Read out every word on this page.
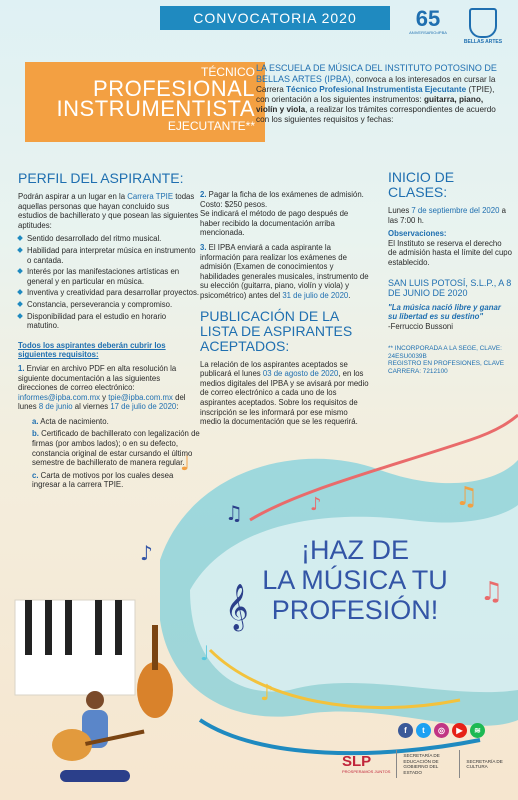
♫	♪	♫
♩
♪
♫
♪
♩
𝄞
CONVOCATORIA 2020	65
ANIVERSARIO•IPBA
BELLAS ARTES
TÉCNICO
PROFESIONAL
INSTRUMENTISTA
EJECUTANTE**
LA ESCUELA DE MÚSICA DEL INSTITUTO POTOSINO DE BELLAS ARTES (IPBA), convoca a los interesados en cursar la Carrera Técnico Profesional Instrumentista Ejecutante (TPIE), con orientación a los siguientes instrumentos: guitarra, piano, violín y viola, a realizar los trámites correspondientes de acuerdo con los siguientes requisitos y fechas:
PERFIL DEL ASPIRANTE:
Podrán aspirar a un lugar en la Carrera TPIE todas aquellas personas que hayan concluido sus estudios de bachillerato y que posean las siguientes aptitudes:
Sentido desarrollado del ritmo musical.
Habilidad para interpretar música en instrumento o cantada.
Interés por las manifestaciones artísticas en general y en particular en música.
Inventiva y creatividad para desarrollar proyectos.
Constancia, perseverancia y compromiso.
Disponibilidad para el estudio en horario matutino.
Todos los aspirantes deberán cubrir los siguientes requisitos:
1. Enviar en archivo PDF en alta resolución la siguiente documentación a las siguientes direcciones de correo electrónico: informes@ipba.com.mx y tpie@ipba.com.mx del lunes 8 de junio al viernes 17 de julio de 2020:
a. Acta de nacimiento.
b. Certificado de bachillerato con legalización de firmas (por ambos lados); o en su defecto, constancia original de estar cursando el último semestre de bachillerato de manera regular.
c. Carta de motivos por los cuales desea ingresar a la carrera TPIE.
2. Pagar la ficha de los exámenes de admisión. Costo: $250 pesos.
Se indicará el método de pago después de haber recibido la documentación arriba mencionada.
3. El IPBA enviará a cada aspirante la información para realizar los exámenes de admisión (Examen de conocimientos y habilidades generales musicales, instrumento de su elección (guitarra, piano, violín y viola) y psicométrico) antes del 31 de julio de 2020.
PUBLICACIÓN DE LA LISTA DE ASPIRANTES ACEPTADOS:
La relación de los aspirantes aceptados se publicará el lunes 03 de agosto de 2020, en los medios digitales del IPBA y se avisará por medio de correo electrónico a cada uno de los aspirantes aceptados. Sobre los requisitos de inscripción se les informará por ese mismo medio la documentación que se les requerirá.
INICIO DE CLASES:
Lunes 7 de septiembre del 2020 a las 7:00 h.
Observaciones:
El Instituto se reserva el derecho de admisión hasta el límite del cupo establecido.
SAN LUIS POTOSÍ, S.L.P., A 8 DE JUNIO DE 2020
"La música nació libre y ganar su libertad es su destino"
-Ferruccio Bussoni
** INCORPORADA A LA SEGE, CLAVE: 24ESU0039B
REGISTRO EN PROFESIONES, CLAVE
CARRERA: 7212100
¡HAZ DE
LA MÚSICA TU
PROFESIÓN!
f	t	◎	▶	≋
SLP
PROSPERAMOS JUNTOS
SECRETARÍA DE EDUCACIÓN DE GOBIERNO DEL ESTADO
SECRETARÍA DE CULTURA
